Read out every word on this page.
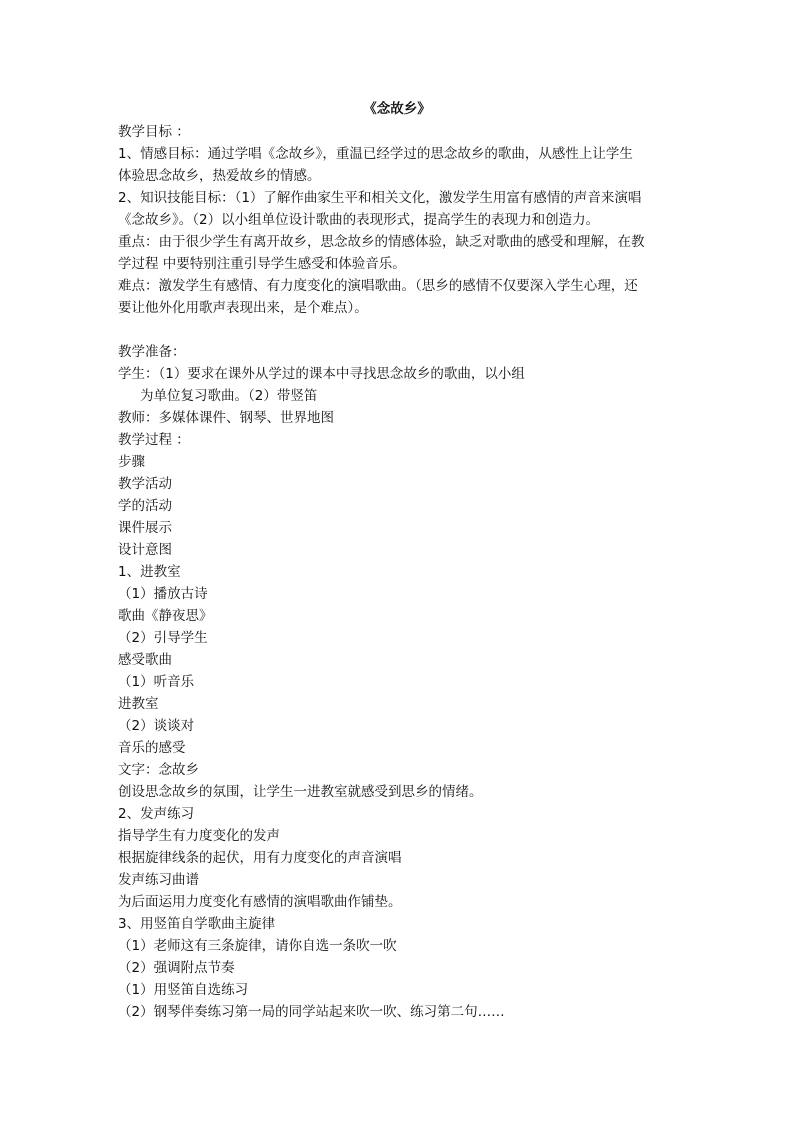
《念故乡》
教学目标 ：
1、情感目标：通过学唱《念故乡》，重温已经学过的思念故乡的歌曲，从感性上让学生
体验思念故乡，热爱故乡的情感。
2、知识技能目标：（1）了解作曲家生平和相关文化，激发学生用富有感情的声音来演唱
《念故乡》。（2）以小组单位设计歌曲的表现形式，提高学生的表现力和创造力。
重点：由于很少学生有离开故乡，思念故乡的情感体验，缺乏对歌曲的感受和理解，在教
学过程 中要特别注重引导学生感受和体验音乐。
难点：激发学生有感情、有力度变化的演唱歌曲。（思乡的感情不仅要深入学生心理，还
要让他外化用歌声表现出来，是个难点）。
教学准备：
学生：（1）要求在课外从学过的课本中寻找思念故乡的歌曲，以小组
为单位复习歌曲。（2）带竖笛
教师：多媒体课件、钢琴、世界地图
教学过程 ：
步骤
教学活动
学的活动
课件展示
设计意图
1、进教室
（1）播放古诗
歌曲《静夜思》
（2）引导学生
感受歌曲
（1）听音乐
进教室
（2）谈谈对
音乐的感受
文字：念故乡
创设思念故乡的氛围，让学生一进教室就感受到思乡的情绪。
2、发声练习
指导学生有力度变化的发声
根据旋律线条的起伏，用有力度变化的声音演唱
发声练习曲谱
为后面运用力度变化有感情的演唱歌曲作铺垫。
3、用竖笛自学歌曲主旋律
（1）老师这有三条旋律，请你自选一条吹一吹
（2）强调附点节奏
（1）用竖笛自选练习
（2）钢琴伴奏练习第一局的同学站起来吹一吹、练习第二句……
